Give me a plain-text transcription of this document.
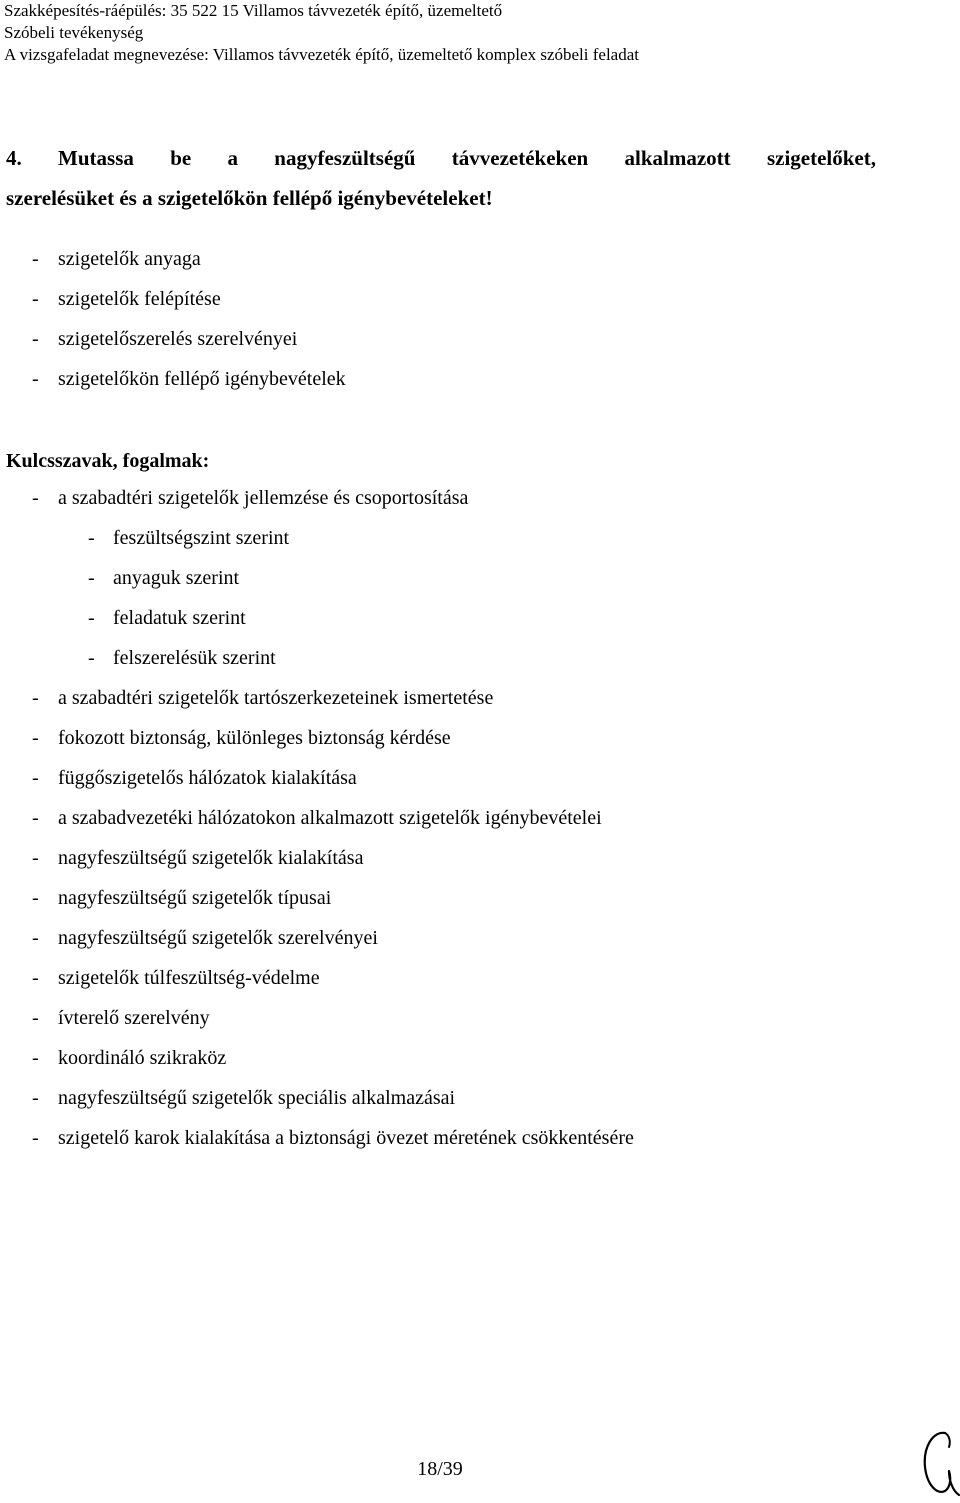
Szakképesítés-ráépülés: 35 522 15 Villamos távvezeték építő, üzemeltető
Szóbeli tevékenység
A vizsgafeladat megnevezése: Villamos távvezeték építő, üzemeltető komplex szóbeli feladat
4. Mutassa be a nagyfeszültségű távvezetékeken alkalmazott szigetelőket,
szerelésüket és a szigetelőkön fellépő igénybevételeket!
- szigetelők anyaga
- szigetelők felépítése
- szigetelőszerelés szerelvényei
- szigetelőkön fellépő igénybevételek
Kulcsszavak, fogalmak:
- a szabadtéri szigetelők jellemzése és csoportosítása
- feszültségszint szerint
- anyaguk szerint
- feladatuk szerint
- felszerelésük szerint
- a szabadtéri szigetelők tartószerkezeteinek ismertetése
- fokozott biztonság, különleges biztonság kérdése
- függőszigetelős hálózatok kialakítása
- a szabadvezetéki hálózatokon alkalmazott szigetelők igénybevételei
- nagyfeszültségű szigetelők kialakítása
- nagyfeszültségű szigetelők típusai
- nagyfeszültségű szigetelők szerelvényei
- szigetelők túlfeszültség-védelme
- ívterelő szerelvény
- koordináló szikraköz
- nagyfeszültségű szigetelők speciális alkalmazásai
- szigetelő karok kialakítása a biztonsági övezet méretének csökkentésére
18/39
